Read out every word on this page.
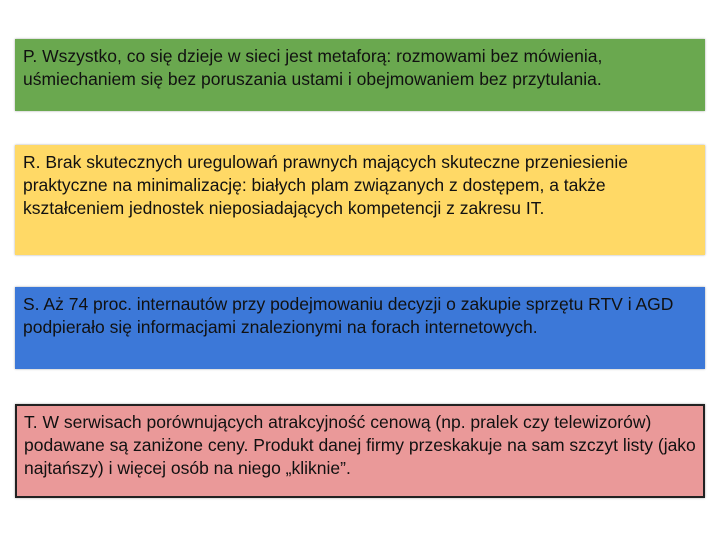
P. Wszystko, co się dzieje w sieci jest metaforą: rozmowami bez mówienia, uśmiechaniem się bez poruszania ustami i obejmowaniem bez przytulania.
R. Brak skutecznych uregulowań prawnych mających skuteczne przeniesienie praktyczne na minimalizację: białych plam związanych z dostępem, a także kształceniem jednostek nieposiadających kompetencji z zakresu IT.
S. Aż 74 proc. internautów przy podejmowaniu decyzji o zakupie sprzętu RTV i AGD podpierało się informacjami znalezionymi na forach internetowych.
T. W serwisach porównujących atrakcyjność cenową (np. pralek czy telewizorów) podawane są zaniżone ceny. Produkt danej firmy przeskakuje na sam szczyt listy (jako najtańszy) i więcej osób na niego „kliknie”.
